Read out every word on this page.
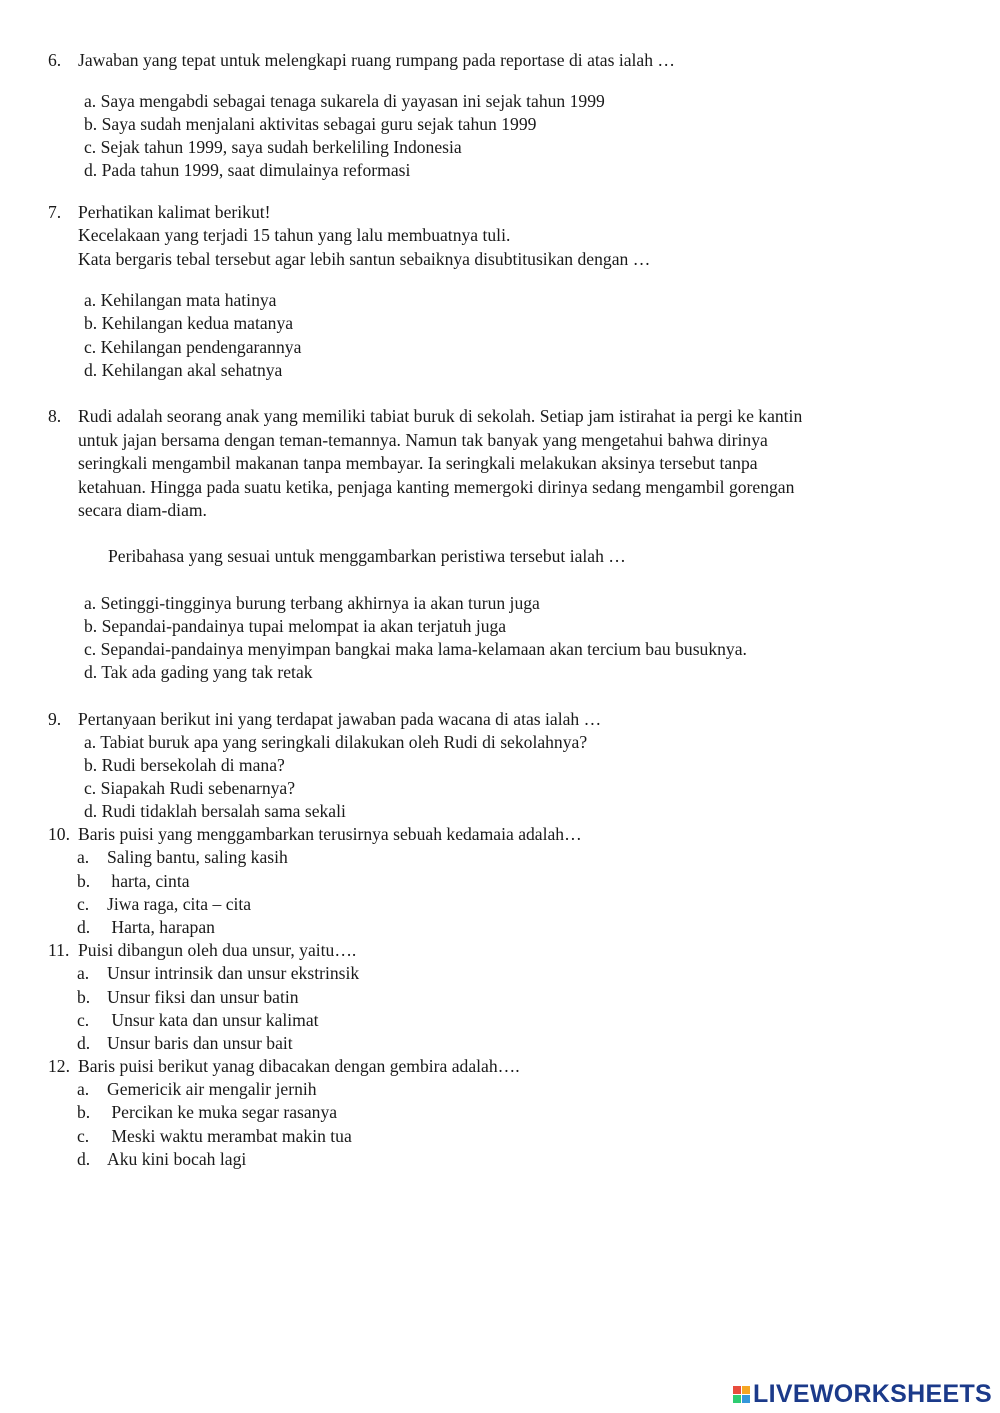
6. Jawaban yang tepat untuk melengkapi ruang rumpang pada reportase di atas ialah …
a. Saya mengabdi sebagai tenaga sukarela di yayasan ini sejak tahun 1999
b. Saya sudah menjalani aktivitas sebagai guru sejak tahun 1999
c. Sejak tahun 1999, saya sudah berkeliling Indonesia
d. Pada tahun 1999, saat dimulainya reformasi
7. Perhatikan kalimat berikut!
Kecelakaan yang terjadi 15 tahun yang lalu membuatnya tuli.
Kata bergaris tebal tersebut agar lebih santun sebaiknya disubtitusikan dengan …
a. Kehilangan mata hatinya
b. Kehilangan kedua matanya
c. Kehilangan pendengarannya
d. Kehilangan akal sehatnya
8. Rudi adalah seorang anak yang memiliki tabiat buruk di sekolah. Setiap jam istirahat ia pergi ke kantin
untuk jajan bersama dengan teman-temannya. Namun tak banyak yang mengetahui bahwa dirinya
seringkali mengambil makanan tanpa membayar. Ia seringkali melakukan aksinya tersebut tanpa
ketahuan. Hingga pada suatu ketika, penjaga kanting memergoki dirinya sedang mengambil gorengan
secara diam-diam.
Peribahasa yang sesuai untuk menggambarkan peristiwa tersebut ialah …
a. Setinggi-tingginya burung terbang akhirnya ia akan turun juga
b. Sepandai-pandainya tupai melompat ia akan terjatuh juga
c. Sepandai-pandainya menyimpan bangkai maka lama-kelamaan akan tercium bau busuknya.
d. Tak ada gading yang tak retak
9. Pertanyaan berikut ini yang terdapat jawaban pada wacana di atas ialah …
a. Tabiat buruk apa yang seringkali dilakukan oleh Rudi di sekolahnya?
b. Rudi bersekolah di mana?
c. Siapakah Rudi sebenarnya?
d. Rudi tidaklah bersalah sama sekali
10. Baris puisi yang menggambarkan terusirnya sebuah kedamaia adalah…
a. Saling bantu, saling kasih
b. harta, cinta
c. Jiwa raga, cita – cita
d. Harta, harapan
11. Puisi dibangun oleh dua unsur, yaitu….
a. Unsur intrinsik dan unsur ekstrinsik
b. Unsur fiksi dan unsur batin
c. Unsur kata dan unsur kalimat
d. Unsur baris dan unsur bait
12. Baris puisi berikut yanag dibacakan dengan gembira adalah….
a. Gemericik air mengalir jernih
b. Percikan ke muka segar rasanya
c. Meski waktu merambat makin tua
d. Aku kini bocah lagi
LIVEWORKSHEETS
